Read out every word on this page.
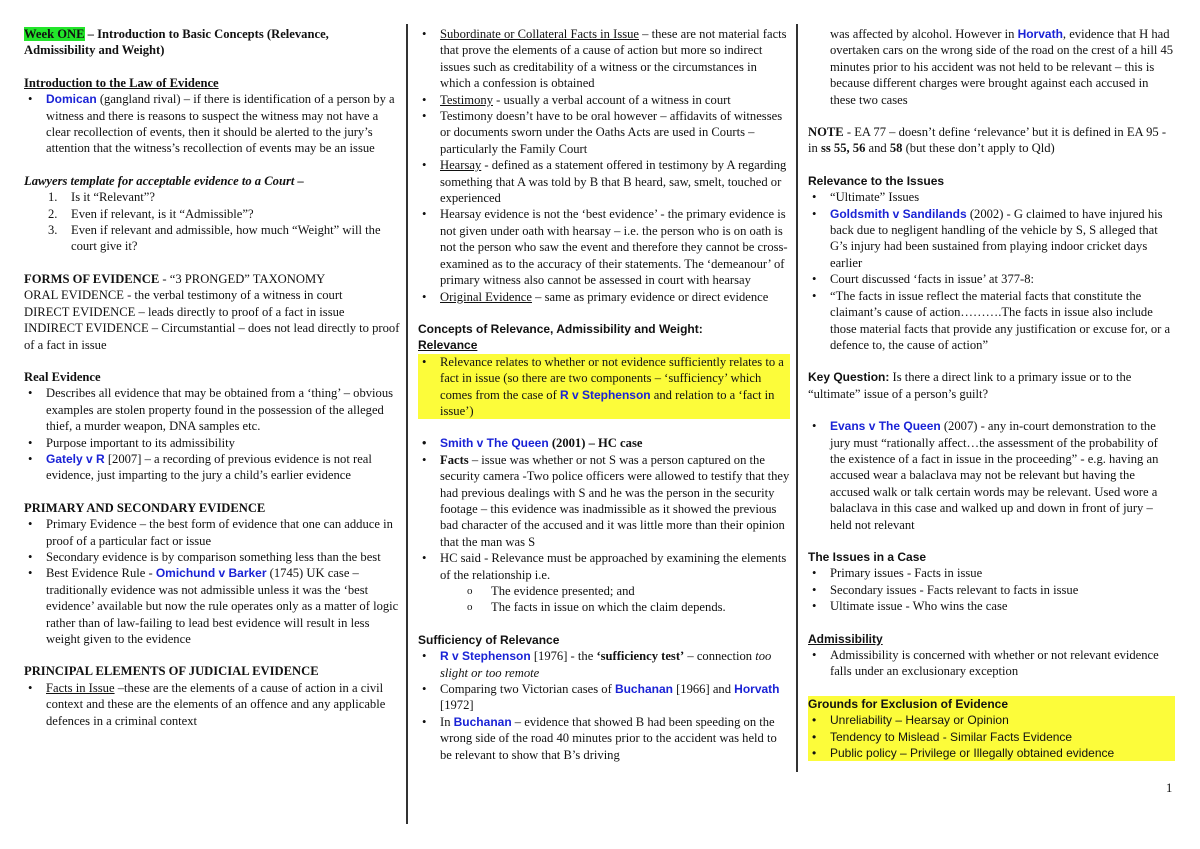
Week ONE – Introduction to Basic Concepts (Relevance, Admissibility and Weight)

Introduction to the Law of Evidence

• Domican (gangland rival) – if there is identification of a person by a witness and there is reasons to suspect the witness may not have a clear recollection of events, then it should be alerted to the jury’s attention that the witness’s recollection of events may be an issue

Lawyers template for acceptable evidence to a Court –

1. Is it “Relevant”?

2. Even if relevant, is it “Admissible”?

3. Even if relevant and admissible, how much “Weight” will the court give it?

FORMS OF EVIDENCE - “3 PRONGED” TAXONOMY

ORAL EVIDENCE - the verbal testimony of a witness in court

DIRECT EVIDENCE – leads directly to proof of a fact in issue

INDIRECT EVIDENCE – Circumstantial – does not lead directly to proof of a fact in issue

Real Evidence

• Describes all evidence that may be obtained from a ‘thing’ – obvious examples are stolen property found in the possession of the alleged thief, a murder weapon, DNA samples etc.

• Purpose important to its admissibility

• Gately v R [2007] – a recording of previous evidence is not real evidence, just imparting to the jury a child’s earlier evidence

PRIMARY AND SECONDARY EVIDENCE

• Primary Evidence – the best form of evidence that one can adduce in proof of a particular fact or issue

• Secondary evidence is by comparison something less than the best

• Best Evidence Rule - Omichund v Barker (1745) UK case – traditionally evidence was not admissible unless it was the ‘best evidence’ available but now the rule operates only as a matter of logic rather than of law-failing to lead best evidence will result in less weight given to the evidence

PRINCIPAL ELEMENTS OF JUDICIAL EVIDENCE

• Facts in Issue –these are the elements of a cause of action in a civil context and these are the elements of an offence and any applicable defences in a criminal context

• Subordinate or Collateral Facts in Issue – these are not material facts that prove the elements of a cause of action but more so indirect issues such as creditability of a witness or the circumstances in which a confession is obtained

• Testimony - usually a verbal account of a witness in court

• Testimony doesn’t have to be oral however – affidavits of witnesses or documents sworn under the Oaths Acts are used in Courts – particularly the Family Court

• Hearsay - defined as a statement offered in testimony by A regarding something that A was told by B that B heard, saw, smelt, touched or experienced

• Hearsay evidence is not the ‘best evidence’ - the primary evidence is not given under oath with hearsay – i.e. the person who is on oath is not the person who saw the event and therefore they cannot be cross-examined as to the accuracy of their statements. The ‘demeanour’ of primary witness also cannot be assessed in court with hearsay

• Original Evidence – same as primary evidence or direct evidence

Concepts of Relevance, Admissibility and Weight:

Relevance

• Relevance relates to whether or not evidence sufficiently relates to a fact in issue (so there are two components – ‘sufficiency’ which comes from the case of R v Stephenson and relation to a ‘fact in issue’)

• Smith v The Queen (2001) – HC case

• Facts – issue was whether or not S was a person captured on the security camera -Two police officers were allowed to testify that they had previous dealings with S and he was the person in the security footage – this evidence was inadmissible as it showed the previous bad character of the accused and it was little more than their opinion that the man was S

• HC said - Relevance must be approached by examining the elements of the relationship i.e.

o The evidence presented; and

o The facts in issue on which the claim depends.

Sufficiency of Relevance

• R v Stephenson [1976] - the ‘sufficiency test’ – connection too slight or too remote

• Comparing two Victorian cases of Buchanan [1966] and Horvath [1972]

• In Buchanan – evidence that showed B had been speeding on the wrong side of the road 40 minutes prior to the accident was held to be relevant to show that B’s driving

was affected by alcohol. However in Horvath, evidence that H had overtaken cars on the wrong side of the road on the crest of a hill 45 minutes prior to his accident was not held to be relevant – this is because different charges were brought against each accused in these two cases

NOTE - EA 77 – doesn’t define ‘relevance’ but it is defined in EA 95 - in ss 55, 56 and 58 (but these don’t apply to Qld)

Relevance to the Issues

• “Ultimate” Issues

• Goldsmith v Sandilands (2002) - G claimed to have injured his back due to negligent handling of the vehicle by S, S alleged that G’s injury had been sustained from playing indoor cricket days earlier

• Court discussed ‘facts in issue’ at 377-8:

• “The facts in issue reflect the material facts that constitute the claimant’s cause of action……….The facts in issue also include those material facts that provide any justification or excuse for, or a defence to, the cause of action”

Key Question: Is there a direct link to a primary issue or to the “ultimate” issue of a person’s guilt?

• Evans v The Queen (2007) - any in-court demonstration to the jury must “rationally affect…the assessment of the probability of the existence of a fact in issue in the proceeding” - e.g. having an accused wear a balaclava may not be relevant but having the accused walk or talk certain words may be relevant. Used wore a balaclava in this case and walked up and down in front of jury – held not relevant

The Issues in a Case

• Primary issues - Facts in issue

• Secondary issues - Facts relevant to facts in issue

• Ultimate issue - Who wins the case

Admissibility

• Admissibility is concerned with whether or not relevant evidence falls under an exclusionary exception

Grounds for Exclusion of Evidence

• Unreliability – Hearsay or Opinion

• Tendency to Mislead - Similar Facts Evidence

• Public policy – Privilege or Illegally obtained evidence

1
